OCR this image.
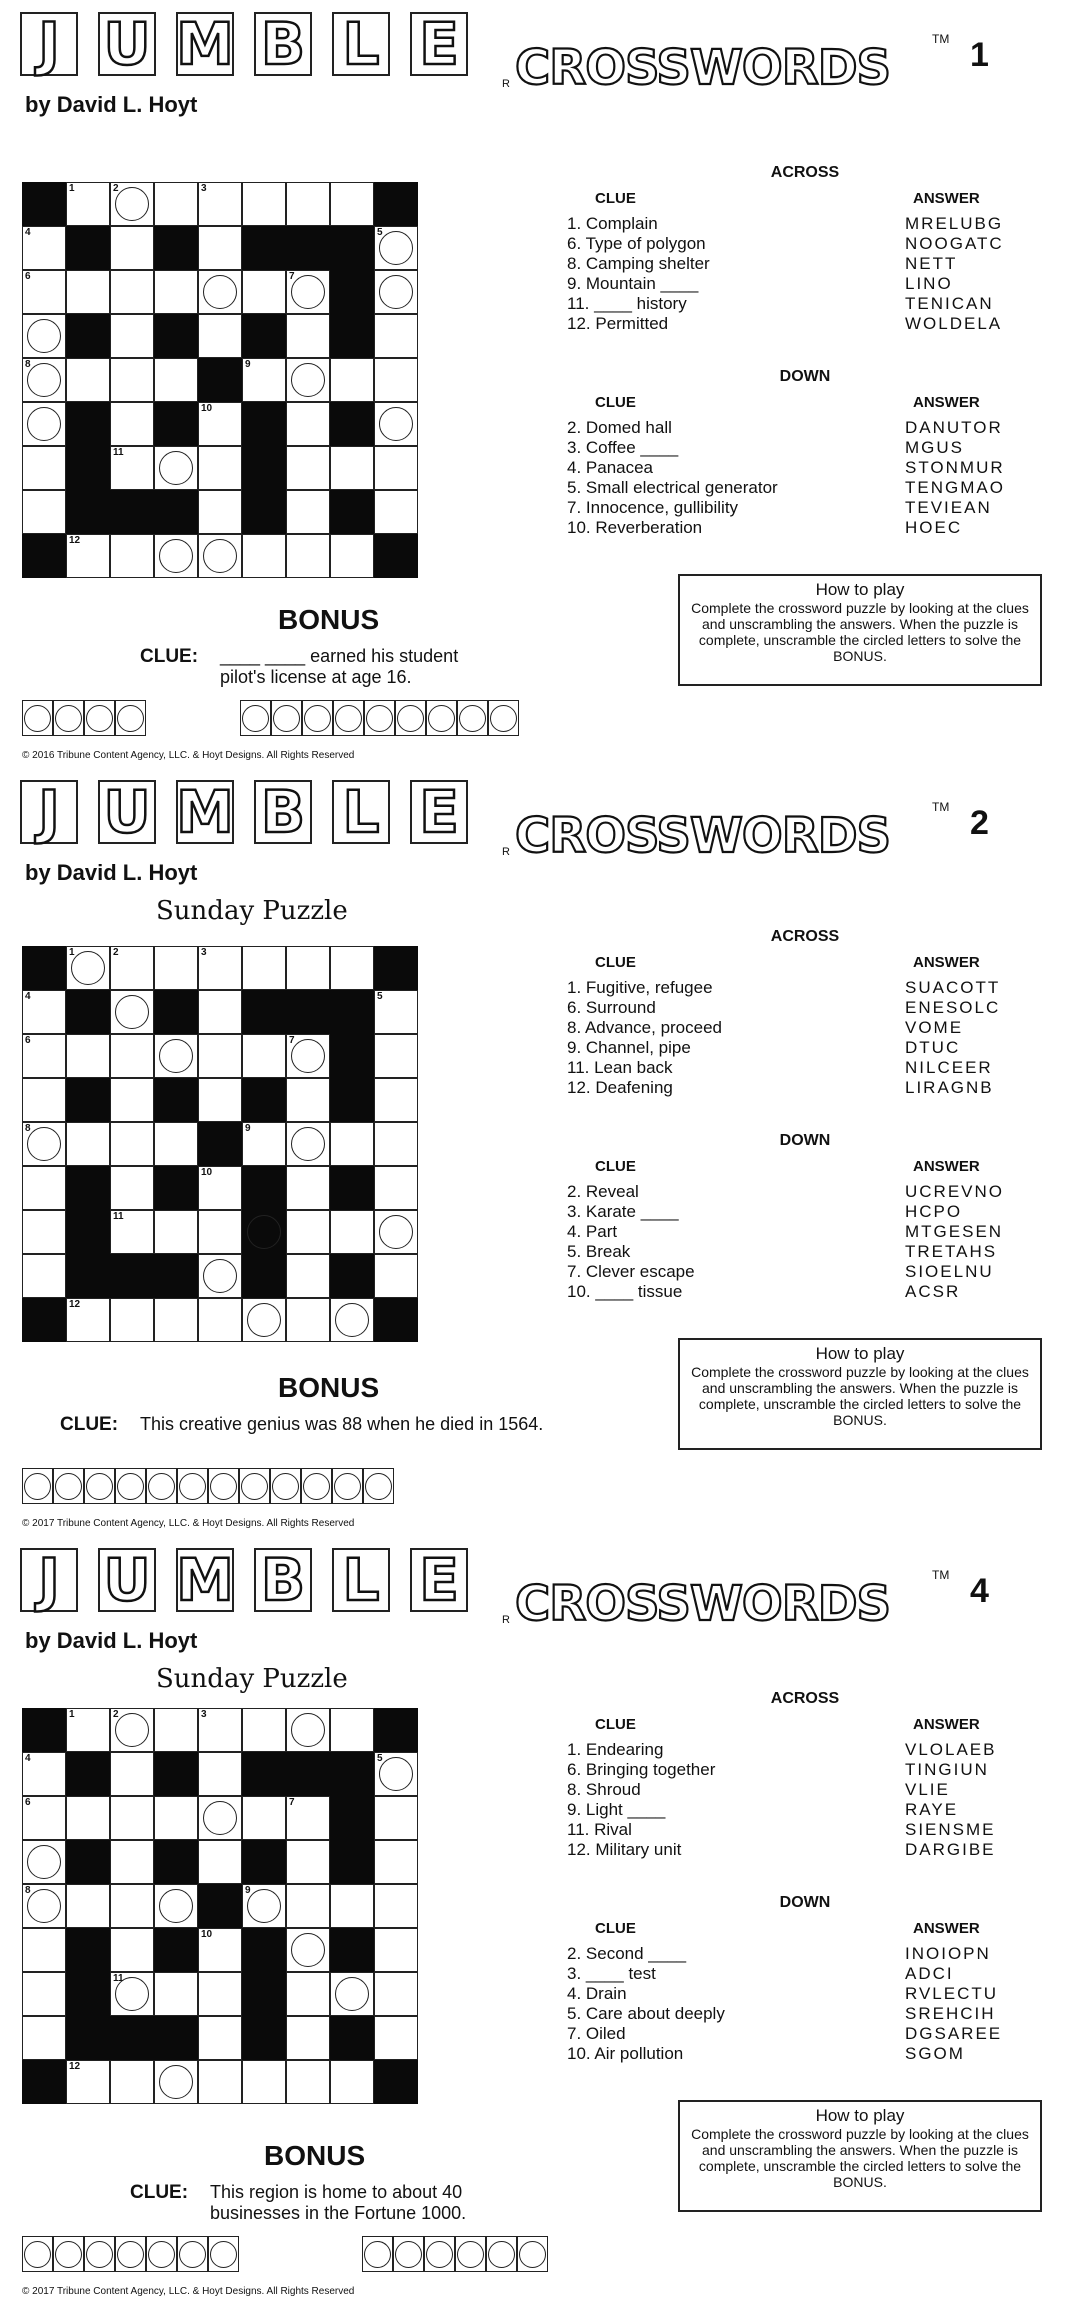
J U M B L E
R CROSSWORDS
TM 1
by David L. Hoyt
1	2	3
4	5
6	7
8	9
10
11
12
ACROSS
CLUE	ANSWER
1. Complain	MRELUBG
6. Type of polygon	NOOGATC
8. Camping shelter	NETT
9. Mountain ____	LINO
11. ____ history	TENICAN
12. Permitted	WOLDELA
DOWN
CLUE	ANSWER
2. Domed hall	DANUTOR
3. Coffee ____	MGUS
4. Panacea	STONMUR
5. Small electrical generator	TENGMAO
7. Innocence, gullibility	TEVIEAN
10. Reverberation	HOEC
How to play
Complete the crossword puzzle by looking at the clues and unscrambling the answers. When the puzzle is complete, unscramble the circled letters to solve the BONUS.
BONUS
CLUE: ____ ____ earned his student
pilot's license at age 16.
© 2016 Tribune Content Agency, LLC. & Hoyt Designs. All Rights Reserved
J U M B L E
R CROSSWORDS
TM 2
by David L. Hoyt
Sunday Puzzle
1	2	3
4	5
6	7
8	9
10
11
12
ACROSS
CLUE	ANSWER
1. Fugitive, refugee	SUACOTT
6. Surround	ENESOLC
8. Advance, proceed	VOME
9. Channel, pipe	DTUC
11. Lean back	NILCEER
12. Deafening	LIRAGNB
DOWN
CLUE	ANSWER
2. Reveal	UCREVNO
3. Karate ____	HCPO
4. Part	MTGESEN
5. Break	TRETAHS
7. Clever escape	SIOELNU
10. ____ tissue	ACSR
How to play
Complete the crossword puzzle by looking at the clues and unscrambling the answers. When the puzzle is complete, unscramble the circled letters to solve the BONUS.
BONUS
CLUE: This creative genius was 88 when he died in 1564.
© 2017 Tribune Content Agency, LLC. & Hoyt Designs. All Rights Reserved
J U M B L E
R CROSSWORDS
TM 4
by David L. Hoyt
Sunday Puzzle
1	2	3
4	5
6	7
8	9
10
11
12
ACROSS
CLUE	ANSWER
1. Endearing	VLOLAEB
6. Bringing together	TINGIUN
8. Shroud	VLIE
9. Light ____	RAYE
11. Rival	SIENSME
12. Military unit	DARGIBE
DOWN
CLUE	ANSWER
2. Second ____	INOIOPN
3. ____ test	ADCI
4. Drain	RVLECTU
5. Care about deeply	SREHCIH
7. Oiled	DGSAREE
10. Air pollution	SGOM
How to play
Complete the crossword puzzle by looking at the clues and unscrambling the answers. When the puzzle is complete, unscramble the circled letters to solve the BONUS.
BONUS
CLUE: This region is home to about 40
businesses in the Fortune 1000.
© 2017 Tribune Content Agency, LLC. & Hoyt Designs. All Rights Reserved
